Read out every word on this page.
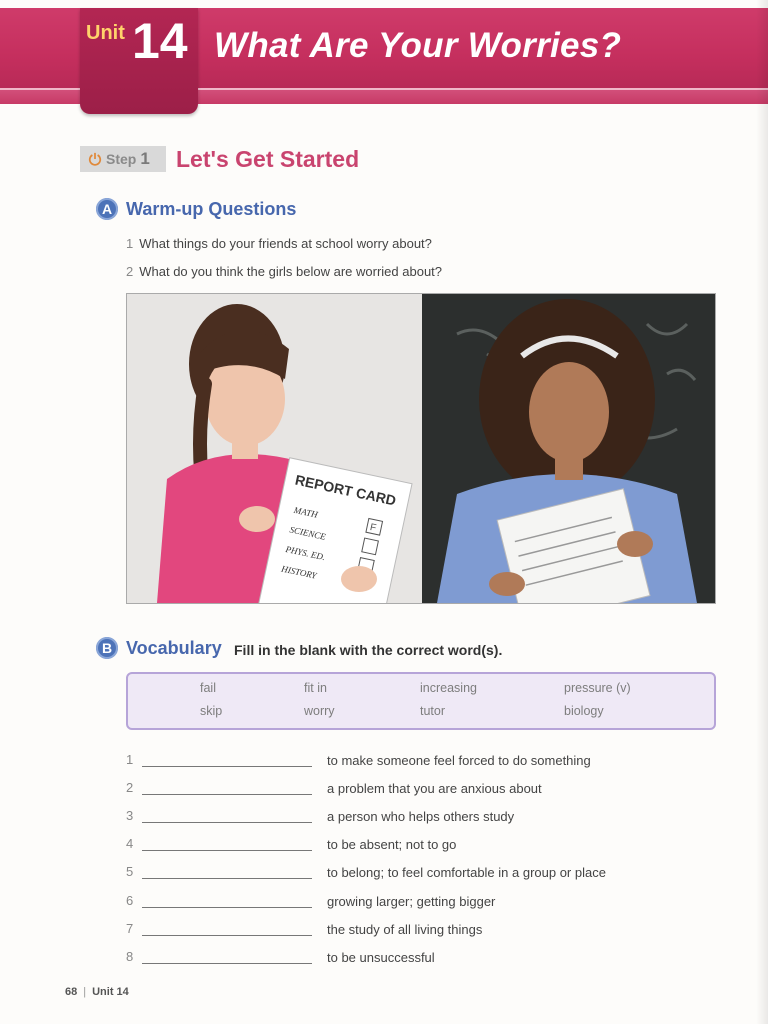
Unit 14 What Are Your Worries?
Step 1 Let's Get Started
A Warm-up Questions
1 What things do your friends at school worry about?
2 What do you think the girls below are worried about?
REPORT CARD
MATH
SCIENCE
PHYS. ED.
HISTORY
F
B Vocabulary Fill in the blank with the correct word(s).
fail	fit in	increasing	pressure (v)
skip	worry	tutor	biology
1	to make someone feel forced to do something
2	a problem that you are anxious about
3	a person who helps others study
4	to be absent; not to go
5	to belong; to feel comfortable in a group or place
6	growing larger; getting bigger
7	the study of all living things
8	to be unsuccessful
68 | Unit 14
